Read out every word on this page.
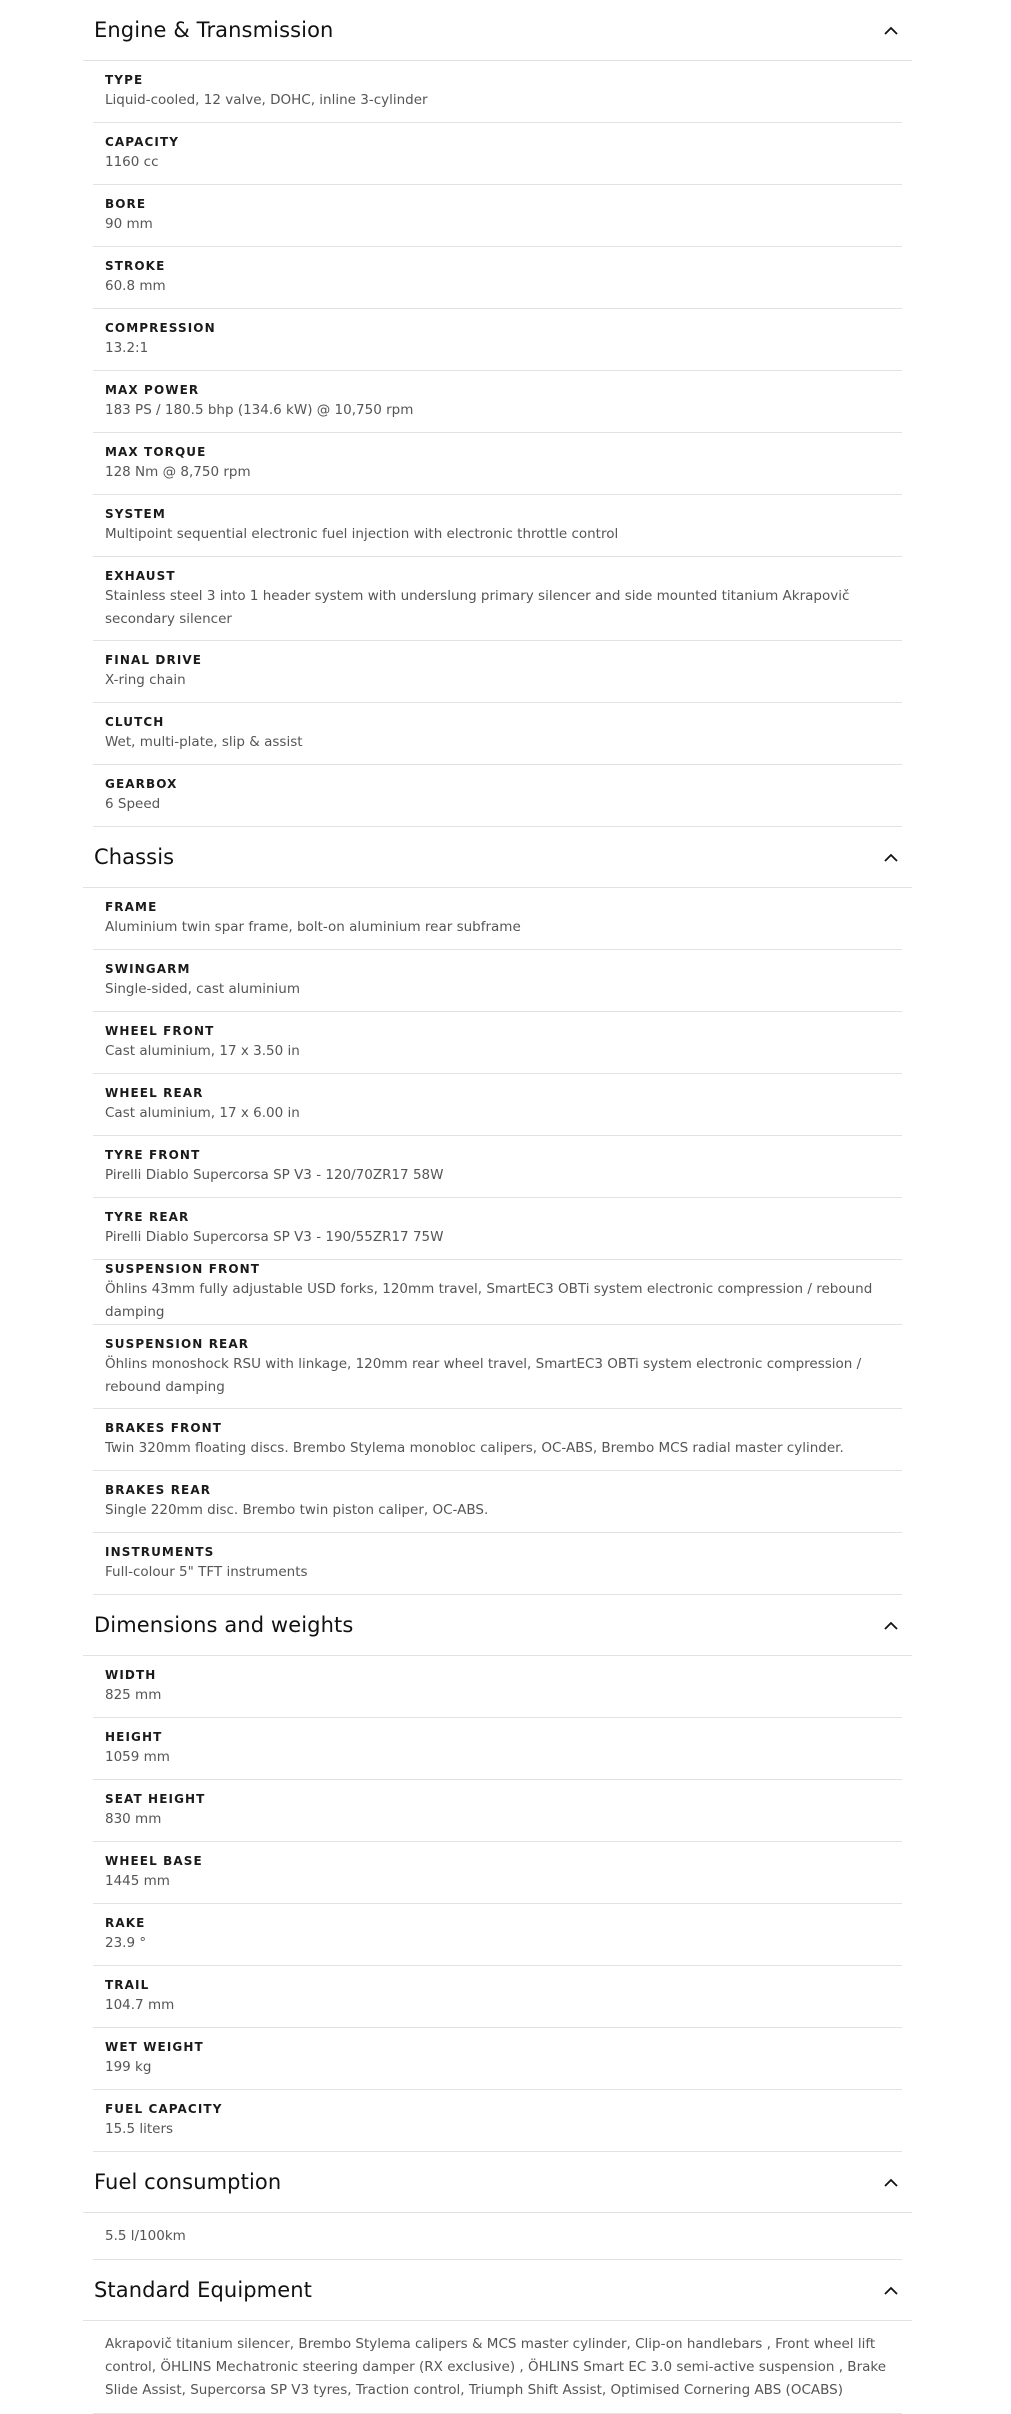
Engine & Transmission
TYPE
Liquid-cooled, 12 valve, DOHC, inline 3-cylinder
CAPACITY
1160 cc
BORE
90 mm
STROKE
60.8 mm
COMPRESSION
13.2:1
MAX POWER
183 PS / 180.5 bhp (134.6 kW) @ 10,750 rpm
MAX TORQUE
128 Nm @ 8,750 rpm
SYSTEM
Multipoint sequential electronic fuel injection with electronic throttle control
EXHAUST
Stainless steel 3 into 1 header system with underslung primary silencer and side mounted titanium Akrapovič secondary silencer
FINAL DRIVE
X-ring chain
CLUTCH
Wet, multi-plate, slip & assist
GEARBOX
6 Speed
Chassis
FRAME
Aluminium twin spar frame, bolt-on aluminium rear subframe
SWINGARM
Single-sided, cast aluminium
WHEEL FRONT
Cast aluminium, 17 x 3.50 in
WHEEL REAR
Cast aluminium, 17 x 6.00 in
TYRE FRONT
Pirelli Diablo Supercorsa SP V3 - 120/70ZR17 58W
TYRE REAR
Pirelli Diablo Supercorsa SP V3 - 190/55ZR17 75W
SUSPENSION FRONT
Öhlins 43mm fully adjustable USD forks, 120mm travel, SmartEC3 OBTi system electronic compression / rebound damping
SUSPENSION REAR
Öhlins monoshock RSU with linkage, 120mm rear wheel travel, SmartEC3 OBTi system electronic compression / rebound damping
BRAKES FRONT
Twin 320mm floating discs. Brembo Stylema monobloc calipers, OC-ABS, Brembo MCS radial master cylinder.
BRAKES REAR
Single 220mm disc. Brembo twin piston caliper, OC-ABS.
INSTRUMENTS
Full-colour 5" TFT instruments
Dimensions and weights
WIDTH
825 mm
HEIGHT
1059 mm
SEAT HEIGHT
830 mm
WHEEL BASE
1445 mm
RAKE
23.9 °
TRAIL
104.7 mm
WET WEIGHT
199 kg
FUEL CAPACITY
15.5 liters
Fuel consumption
5.5 l/100km
Standard Equipment
Akrapovič titanium silencer, Brembo Stylema calipers & MCS master cylinder, Clip-on handlebars , Front wheel lift control, ÖHLINS Mechatronic steering damper (RX exclusive) , ÖHLINS Smart EC 3.0 semi-active suspension , Brake Slide Assist, Supercorsa SP V3 tyres, Traction control, Triumph Shift Assist, Optimised Cornering ABS (OCABS)
